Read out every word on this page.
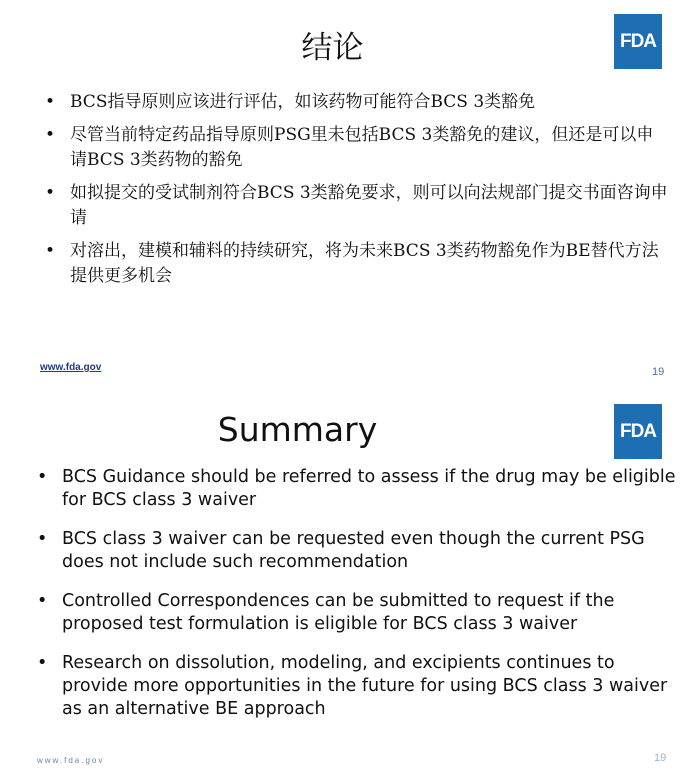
结论	FDA
• BCS指导原则应该进行评估，如该药物可能符合BCS 3类豁免
• 尽管当前特定药品指导原则PSG里未包括BCS 3类豁免的建议，但还是可以申请BCS 3类药物的豁免
• 如拟提交的受试制剂符合BCS 3类豁免要求，则可以向法规部门提交书面咨询申请
• 对溶出，建模和辅料的持续研究，将为未来BCS 3类药物豁免作为BE替代方法提供更多机会
www.fda.gov	19
Summary	FDA
• BCS Guidance should be referred to assess if the drug may be eligible for BCS class 3 waiver
• BCS class 3 waiver can be requested even though the current PSG does not include such recommendation
• Controlled Correspondences can be submitted to request if the proposed test formulation is eligible for BCS class 3 waiver
• Research on dissolution, modeling, and excipients continues to provide more opportunities in the future for using BCS class 3 waiver as an alternative BE approach
www.fda.gov	19
